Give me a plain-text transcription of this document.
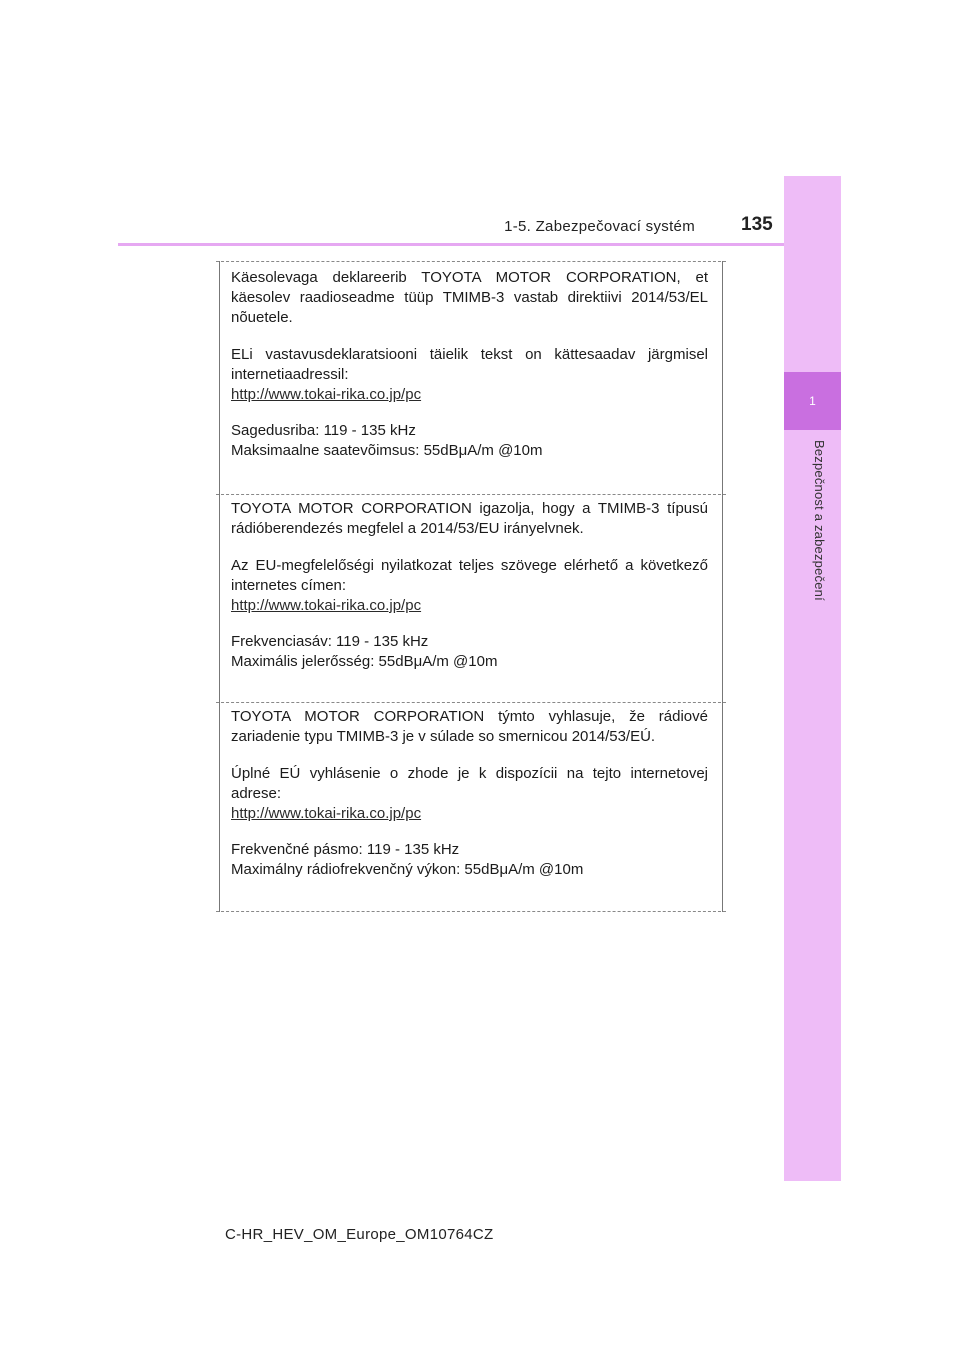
1-5. Zabezpečovací systém 135
1
Bezpečnost a zabezpečení

Käesolevaga deklareerib TOYOTA MOTOR CORPORATION, et käesolev raadioseadme tüüp TMIMB-3 vastab direktiivi 2014/53/EL nõuetele.

ELi vastavusdeklaratsiooni täielik tekst on kättesaadav järgmisel internetiaadressil:

http://www.tokai-rika.co.jp/pc

Sagedusriba: 119 - 135 kHz

Maksimaalne saatevõimsus: 55dBμA/m @10m

TOYOTA MOTOR CORPORATION igazolja, hogy a TMIMB-3 típusú rádióberendezés megfelel a 2014/53/EU irányelvnek.

Az EU-megfelelőségi nyilatkozat teljes szövege elérhető a következő internetes címen:

http://www.tokai-rika.co.jp/pc

Frekvenciasáv: 119 - 135 kHz

Maximális jelerősség: 55dBμA/m @10m

TOYOTA MOTOR CORPORATION týmto vyhlasuje, že rádiové zariadenie typu TMIMB-3 je v súlade so smernicou 2014/53/EÚ.

Úplné EÚ vyhlásenie o zhode je k dispozícii na tejto internetovej adrese:

http://www.tokai-rika.co.jp/pc

Frekvenčné pásmo: 119 - 135 kHz

Maximálny rádiofrekvenčný výkon: 55dBμA/m @10m

C-HR_HEV_OM_Europe_OM10764CZ
